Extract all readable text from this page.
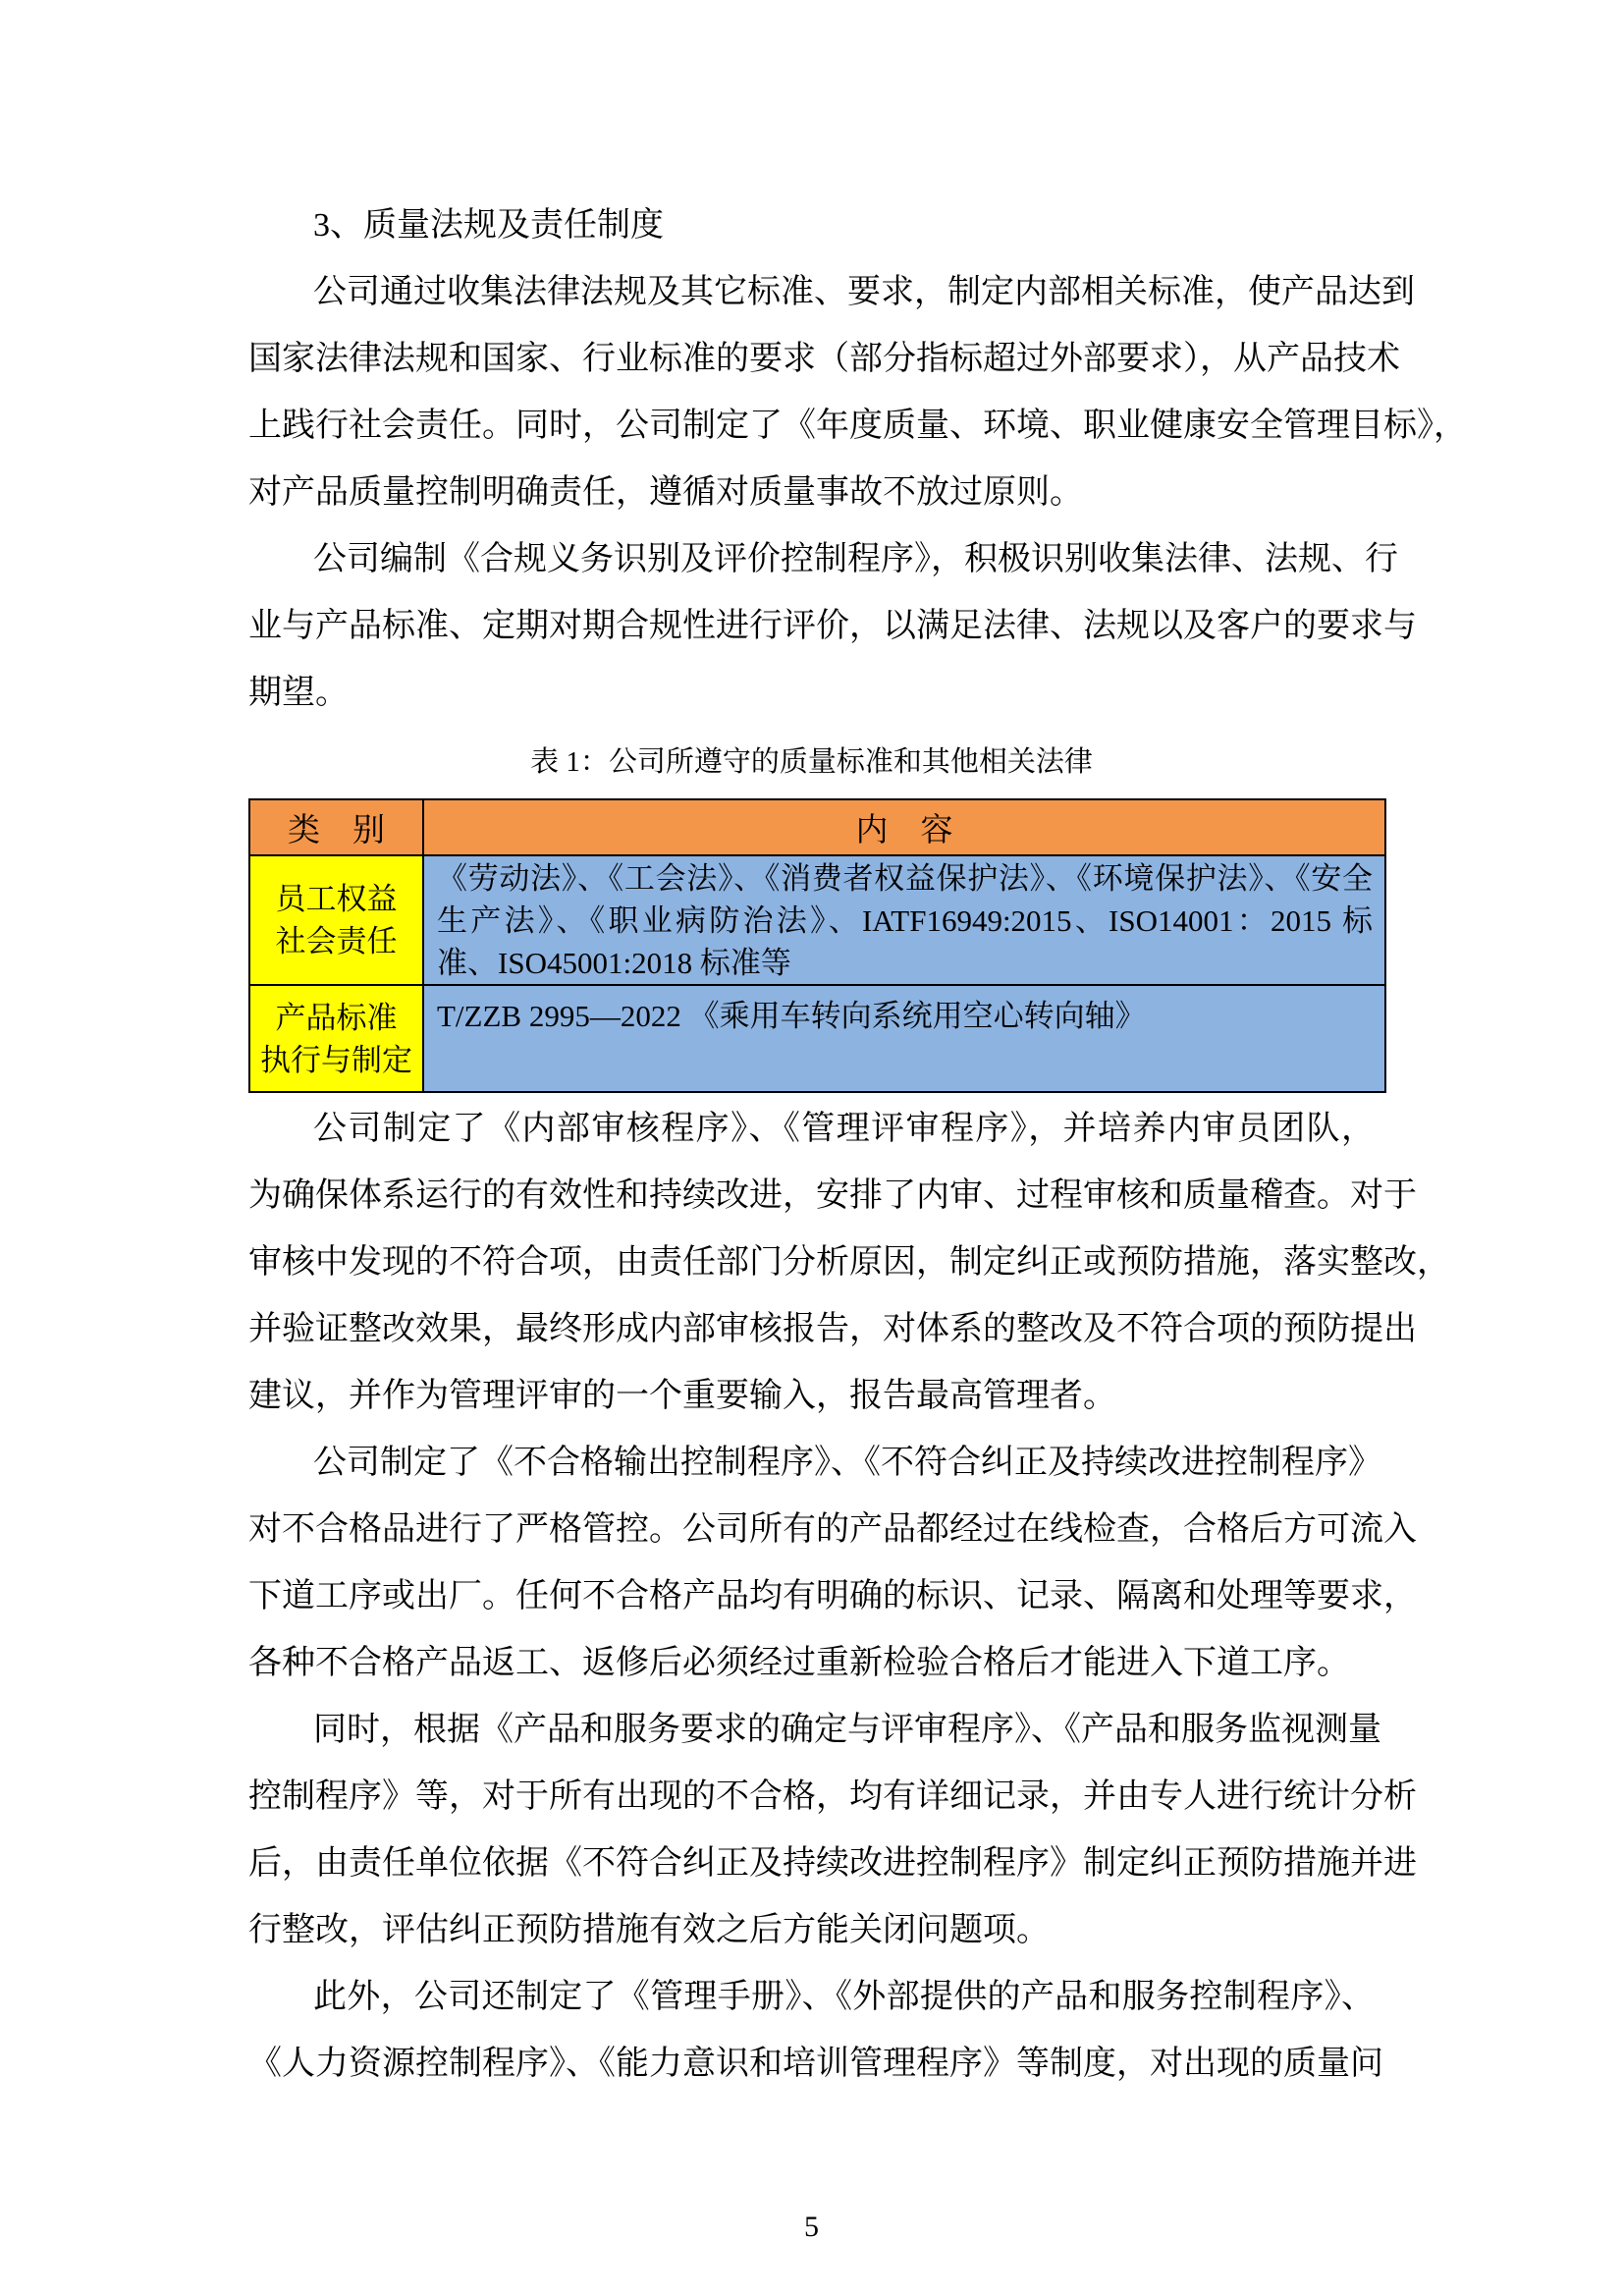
3、质量法规及责任制度
公司通过收集法律法规及其它标准、要求，制定内部相关标准，使产品达到
国家法律法规和国家、行业标准的要求（部分指标超过外部要求），从产品技术
上践行社会责任。同时，公司制定了《年度质量、环境、职业健康安全管理目标》，
对产品质量控制明确责任，遵循对质量事故不放过原则。
公司编制《合规义务识别及评价控制程序》，积极识别收集法律、法规、行
业与产品标准、定期对期合规性进行评价，以满足法律、法规以及客户的要求与
期望。
表 1：公司所遵守的质量标准和其他相关法律
类　别	内　容

员工权益
社会责任	《劳动法》、《工会法》、《消费者权益保护法》、《环境保护法》、《安全生产法》、《职业病防治法》、IATF16949:2015、ISO14001：2015 标准、ISO45001:2018 标准等

产品标准
执行与制定	T/ZZB 2995—2022 《乘用车转向系统用空心转向轴》
公司制定了《内部审核程序》、《管理评审程序》，并培养内审员团队，
为确保体系运行的有效性和持续改进，安排了内审、过程审核和质量稽查。对于
审核中发现的不符合项，由责任部门分析原因，制定纠正或预防措施，落实整改，
并验证整改效果，最终形成内部审核报告，对体系的整改及不符合项的预防提出
建议，并作为管理评审的一个重要输入，报告最高管理者。
公司制定了《不合格输出控制程序》、《不符合纠正及持续改进控制程序》
对不合格品进行了严格管控。公司所有的产品都经过在线检查，合格后方可流入
下道工序或出厂。任何不合格产品均有明确的标识、记录、隔离和处理等要求，
各种不合格产品返工、返修后必须经过重新检验合格后才能进入下道工序。
同时，根据《产品和服务要求的确定与评审程序》、《产品和服务监视测量
控制程序》等，对于所有出现的不合格，均有详细记录，并由专人进行统计分析
后，由责任单位依据《不符合纠正及持续改进控制程序》制定纠正预防措施并进
行整改，评估纠正预防措施有效之后方能关闭问题项。
此外，公司还制定了《管理手册》、《外部提供的产品和服务控制程序》、
《人力资源控制程序》、《能力意识和培训管理程序》等制度，对出现的质量问
5
